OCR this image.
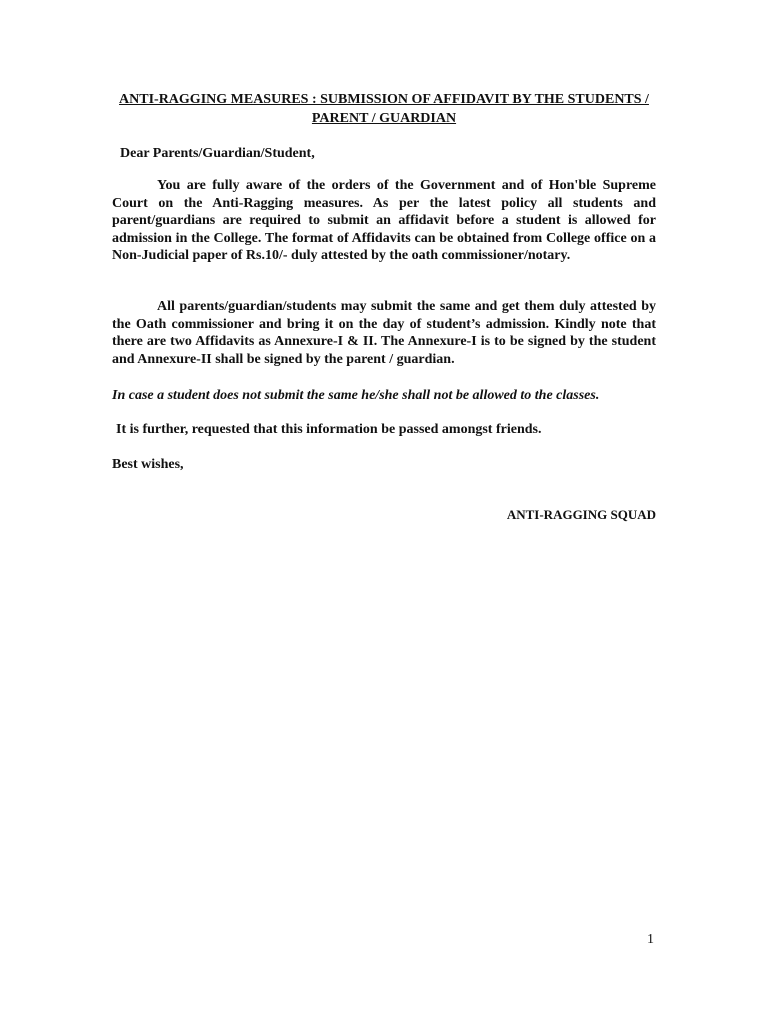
ANTI-RAGGING MEASURES : SUBMISSION OF AFFIDAVIT BY THE STUDENTS / PARENT / GUARDIAN
Dear Parents/Guardian/Student,
You are fully aware of the orders of the Government and of Hon'ble Supreme Court on the Anti-Ragging measures. As per the latest policy all students and parent/guardians are required to submit an affidavit before a student is allowed for admission in the College. The format of Affidavits can be obtained from College office on a Non-Judicial paper of Rs.10/- duly attested by the oath commissioner/notary.
All parents/guardian/students may submit the same and get them duly attested by the Oath commissioner and bring it on the day of student’s admission. Kindly note that there are two Affidavits as Annexure-I & II. The Annexure-I is to be signed by the student and Annexure-II shall be signed by the parent / guardian.
In case a student does not submit the same he/she shall not be allowed to the classes.
It is further, requested that this information be passed amongst friends.
Best wishes,
ANTI-RAGGING SQUAD
1
